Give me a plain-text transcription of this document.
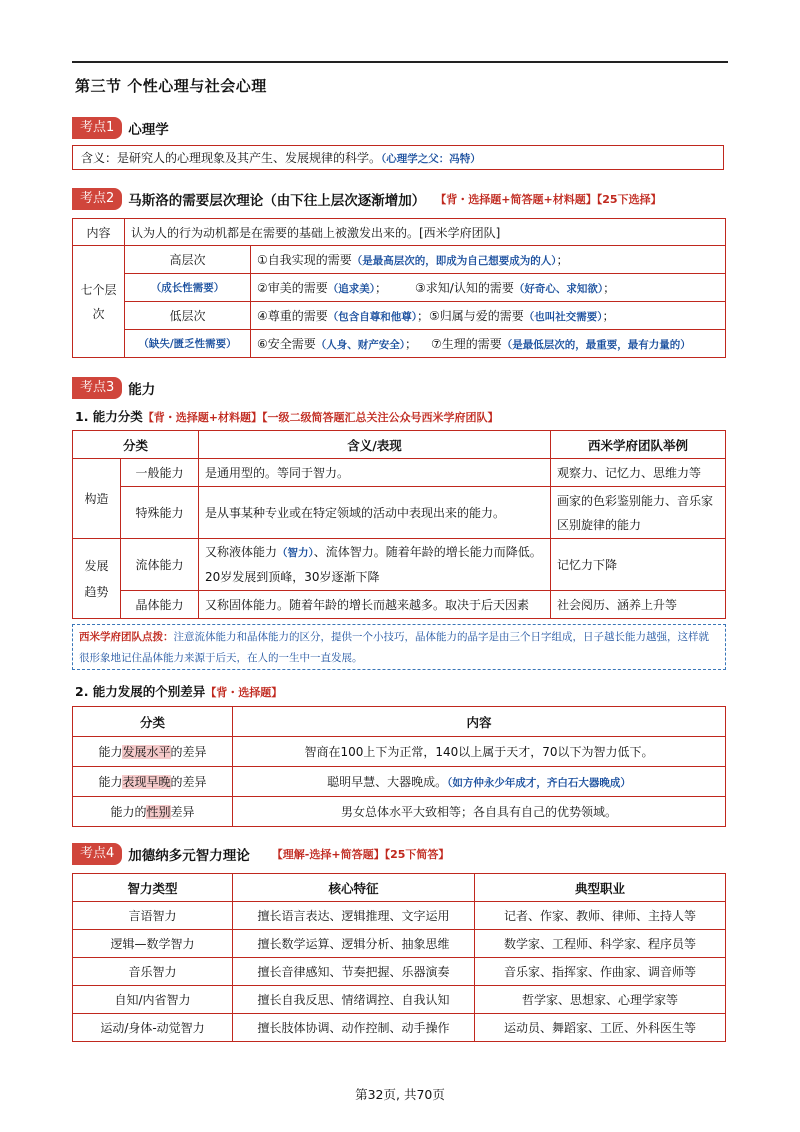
第三节 个性心理与社会心理
考点1	心理学
含义：是研究人的心理现象及其产生、发展规律的科学。（心理学之父：冯特）
考点2	马斯洛的需要层次理论（由下往上层次逐渐增加） 【背・选择题+简答题+材料题】【25下选择】
内容	认为人的行为动机都是在需要的基础上被激发出来的。[西米学府团队]	
七个层次	高层次	①自我实现的需要（是最高层次的，即成为自己想要成为的人）；
	（成长性需要）	②审美的需要（追求美）； ③求知/认知的需要（好奇心、求知欲）；
	低层次	④尊重的需要（包含自尊和他尊）；⑤归属与爱的需要（也叫社交需要）；
	（缺失/匮乏性需要）	⑥安全需要（人身、财产安全）； ⑦生理的需要（是最低层次的，最重要，最有力量的）
考点3	能力
1. 能力分类【背・选择题+材料题】【一级二级简答题汇总关注公众号西米学府团队】
分类		含义/表现	西米学府团队举例
构造	一般能力	是通用型的。等同于智力。	观察力、记忆力、思维力等
	特殊能力	是从事某种专业或在特定领域的活动中表现出来的能力。	画家的色彩鉴别能力、音乐家区别旋律的能力
发展趋势	流体能力	又称液体能力（智力）、流体智力。随着年龄的增长能力而降低。20岁发展到顶峰，30岁逐渐下降	记忆力下降
	晶体能力	又称固体能力。随着年龄的增长而越来越多。取决于后天因素	社会阅历、涵养上升等
西米学府团队点拨：注意流体能力和晶体能力的区分，提供一个小技巧，晶体能力的晶字是由三个日字组成，日子越长能力越强，这样就很形象地记住晶体能力来源于后天，在人的一生中一直发展。
2. 能力发展的个别差异【背・选择题】
分类	内容
能力发展水平的差异	智商在100上下为正常，140以上属于天才，70以下为智力低下。
能力表现早晚的差异	聪明早慧、大器晚成。（如方仲永少年成才，齐白石大器晚成）
能力的性别差异	男女总体水平大致相等；各自具有自己的优势领域。
考点4	加德纳多元智力理论 【理解-选择+简答题】【25下简答】
智力类型	核心特征	典型职业
言语智力	擅长语言表达、逻辑推理、文字运用	记者、作家、教师、律师、主持人等
逻辑—数学智力	擅长数学运算、逻辑分析、抽象思维	数学家、工程师、科学家、程序员等
音乐智力	擅长音律感知、节奏把握、乐器演奏	音乐家、指挥家、作曲家、调音师等
自知/内省智力	擅长自我反思、情绪调控、自我认知	哲学家、思想家、心理学家等
运动/身体-动觉智力	擅长肢体协调、动作控制、动手操作	运动员、舞蹈家、工匠、外科医生等
第32页, 共70页
